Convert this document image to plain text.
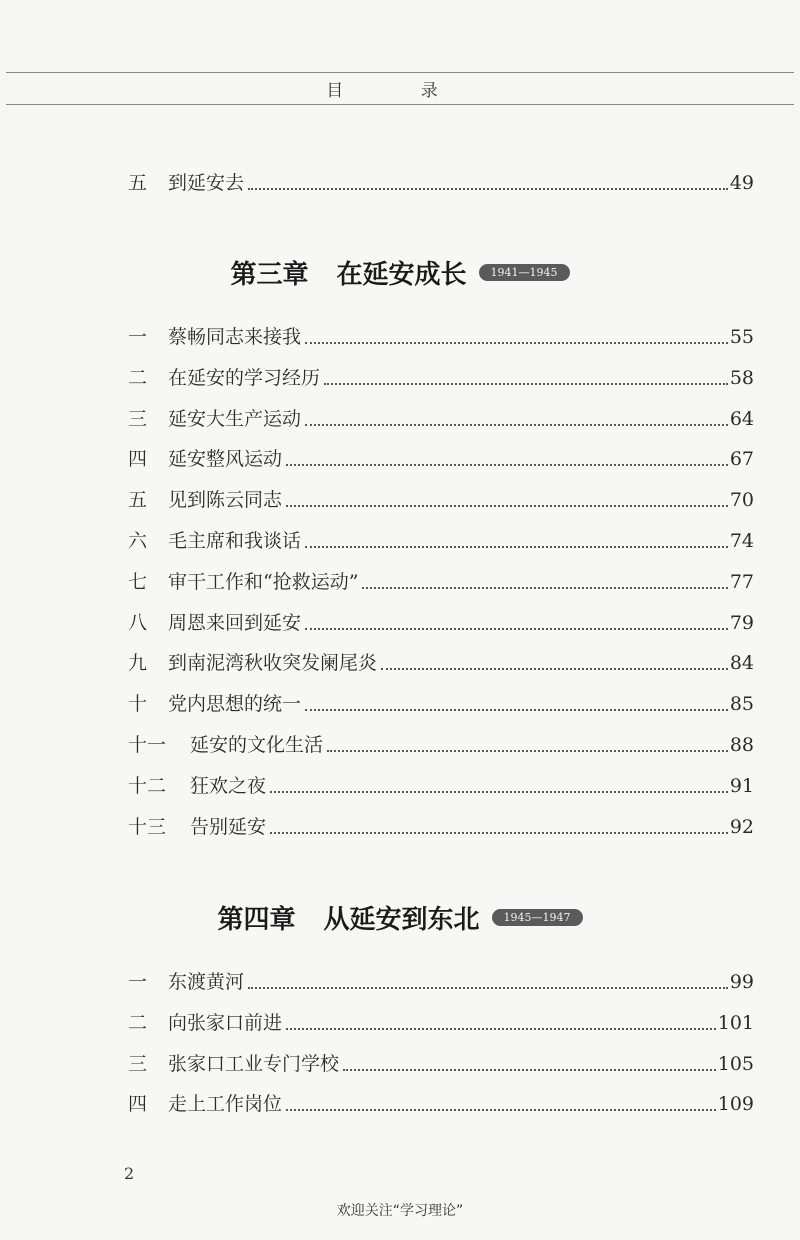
目 录
五	到延安去	49
第三章 在延安成长	1941—1945
一	蔡畅同志来接我	55
二	在延安的学习经历	58
三	延安大生产运动	64
四	延安整风运动	67
五	见到陈云同志	70
六	毛主席和我谈话	74
七	审干工作和“抢救运动”	77
八	周恩来回到延安	79
九	到南泥湾秋收突发阑尾炎	84
十	党内思想的统一	85
十一	延安的文化生活	88
十二	狂欢之夜	91
十三	告别延安	92
第四章 从延安到东北	1945—1947
一	东渡黄河	99
二	向张家口前进	101
三	张家口工业专门学校	105
四	走上工作岗位	109
2
欢迎关注“学习理论”
